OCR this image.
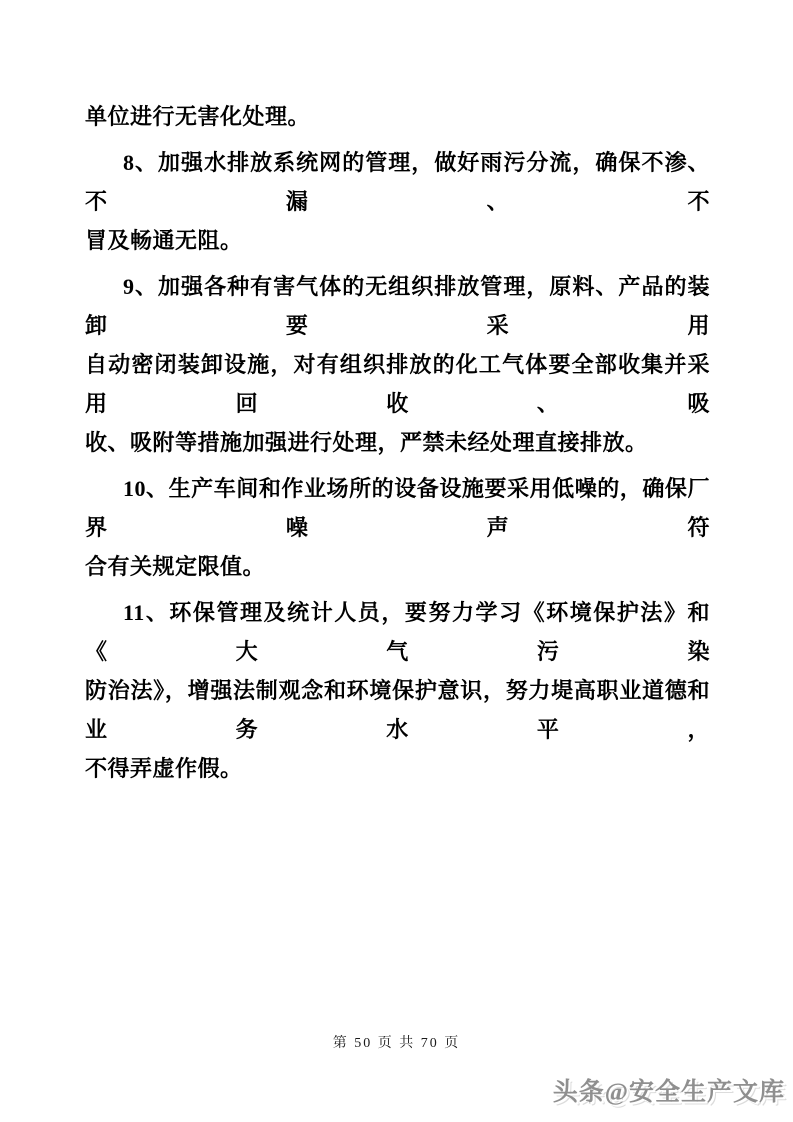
单位进行无害化处理。

8、加强水排放系统网的管理，做好雨污分流，确保不渗、不漏、不
冒及畅通无阻。

9、加强各种有害气体的无组织排放管理，原料、产品的装卸要采用
自动密闭装卸设施，对有组织排放的化工气体要全部收集并采用回收、吸
收、吸附等措施加强进行处理，严禁未经处理直接排放。

10、生产车间和作业场所的设备设施要采用低噪的，确保厂界噪声符
合有关规定限值。

11、环保管理及统计人员，要努力学习《环境保护法》和《大气污染
防治法》，增强法制观念和环境保护意识，努力堤高职业道德和业务水平，
不得弄虚作假。

第 50 页 共 70 页
头条@安全生产文库
